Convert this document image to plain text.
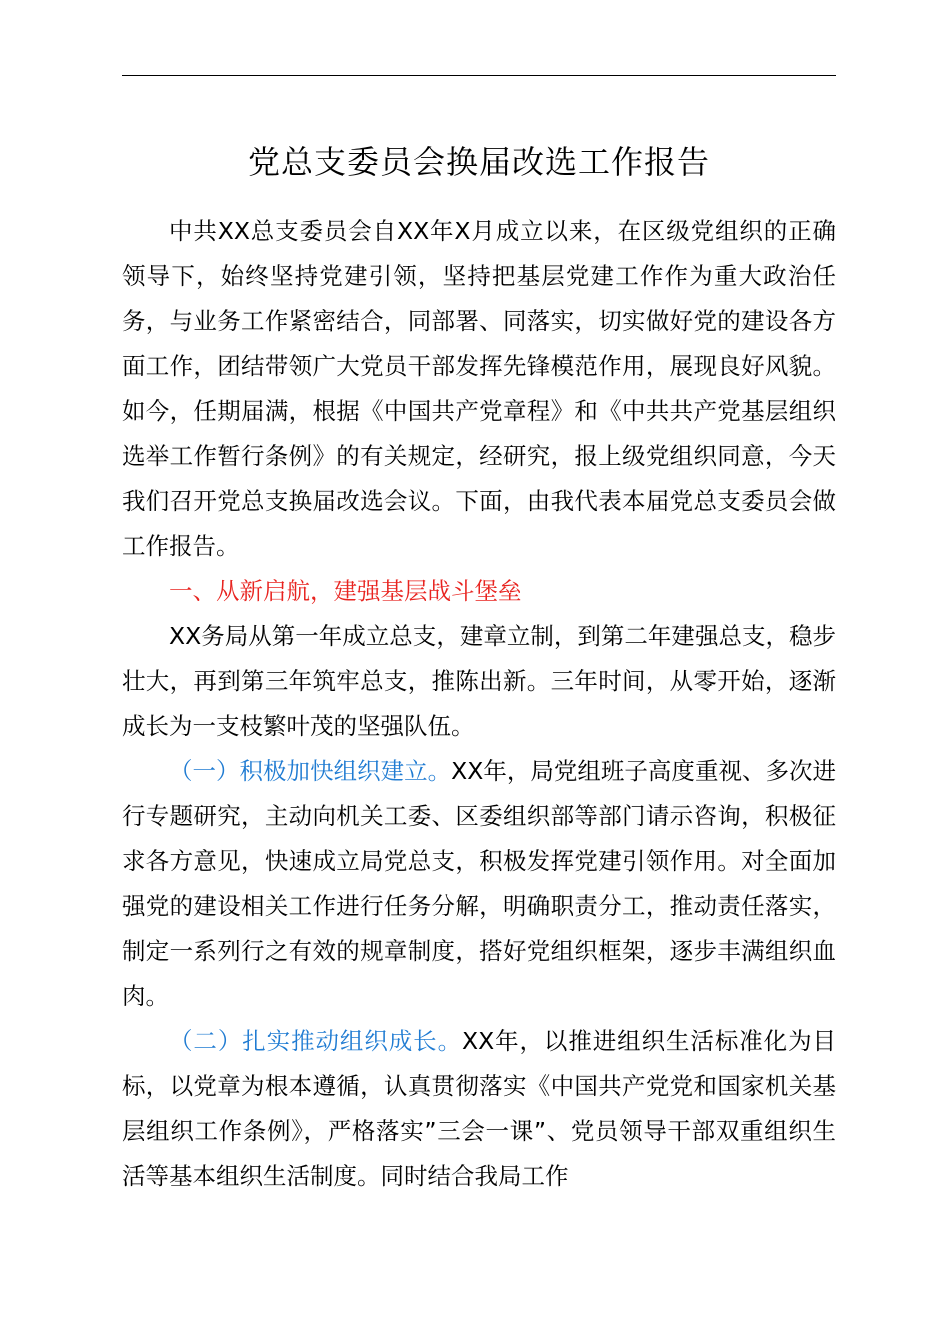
党总支委员会换届改选工作报告

中共XX总支委员会自XX年X月成立以来，在区级党组织的正确领导下，始终坚持党建引领，坚持把基层党建工作作为重大政治任务，与业务工作紧密结合，同部署、同落实，切实做好党的建设各方面工作，团结带领广大党员干部发挥先锋模范作用，展现良好风貌。如今，任期届满，根据《中国共产党章程》和《中共共产党基层组织选举工作暂行条例》的有关规定，经研究，报上级党组织同意，今天我们召开党总支换届改选会议。下面，由我代表本届党总支委员会做工作报告。

一、从新启航，建强基层战斗堡垒

XX务局从第一年成立总支，建章立制，到第二年建强总支，稳步壮大，再到第三年筑牢总支，推陈出新。三年时间，从零开始，逐渐成长为一支枝繁叶茂的坚强队伍。

（一）积极加快组织建立。XX年，局党组班子高度重视、多次进行专题研究，主动向机关工委、区委组织部等部门请示咨询，积极征求各方意见，快速成立局党总支，积极发挥党建引领作用。对全面加强党的建设相关工作进行任务分解，明确职责分工，推动责任落实，制定一系列行之有效的规章制度，搭好党组织框架，逐步丰满组织血肉。

（二）扎实推动组织成长。XX年，以推进组织生活标准化为目标，以党章为根本遵循，认真贯彻落实《中国共产党党和国家机关基层组织工作条例》，严格落实”三会一课”、党员领导干部双重组织生活等基本组织生活制度。同时结合我局工作
